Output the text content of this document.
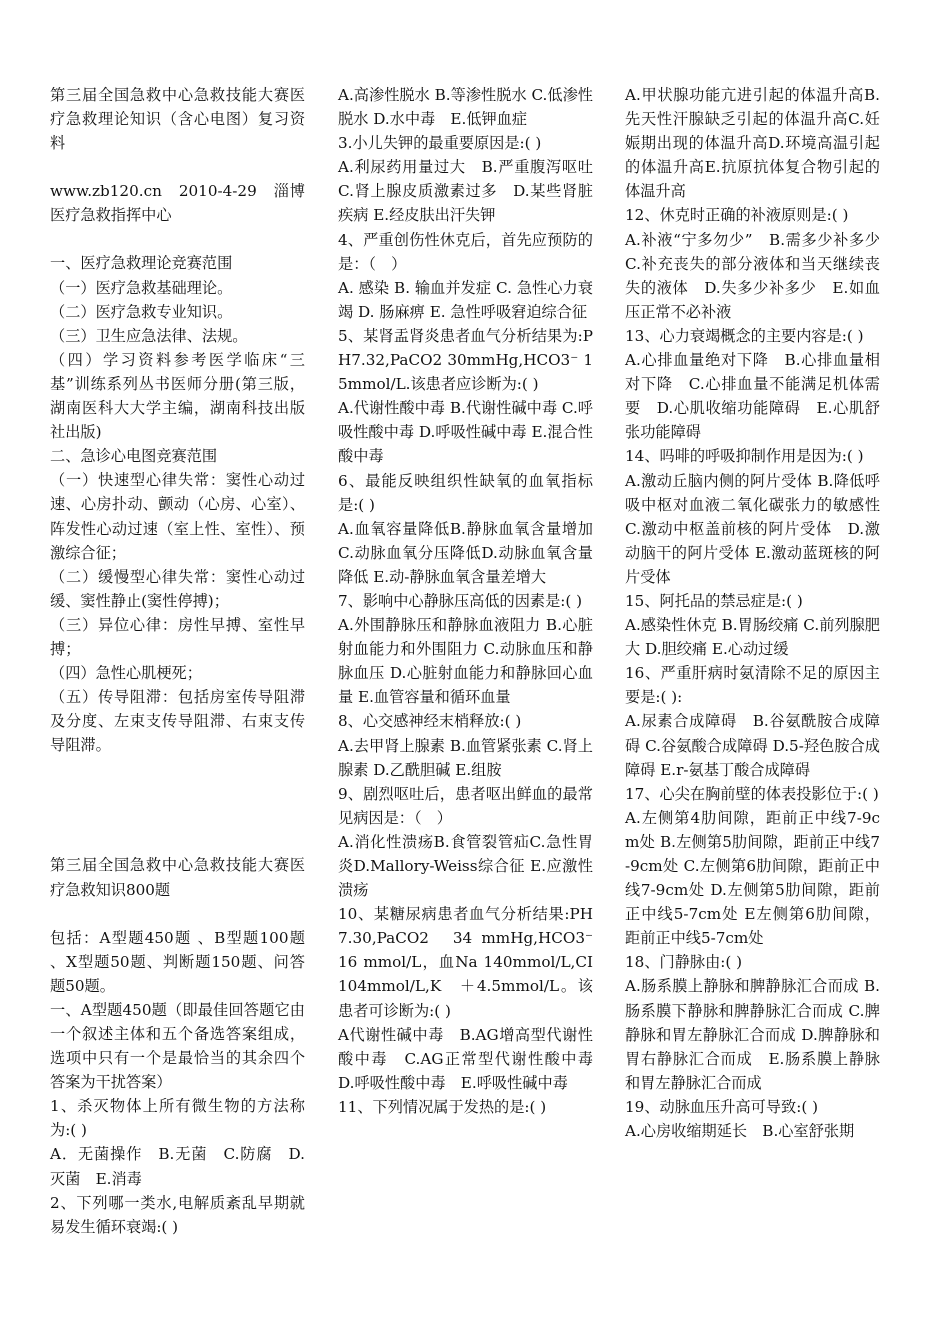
第三届全国急救中心急救技能大赛医疗急救理论知识（含心电图）复习资料

www.zb120.cn　2010-4-29　淄博医疗急救指挥中心

一、医疗急救理论竞赛范围

（一）医疗急救基础理论。

（二）医疗急救专业知识。

（三）卫生应急法律、法规。

（四）学习资料参考医学临床“三基”训练系列丛书医师分册(第三版，湖南医科大大学主编，湖南科技出版社出版)

二、急诊心电图竞赛范围

（一）快速型心律失常：窦性心动过速、心房扑动、颤动（心房、心室）、阵发性心动过速（室上性、室性）、预激综合征；

（二）缓慢型心律失常：窦性心动过缓、窦性静止(窦性停搏)；

（三）异位心律：房性早搏、室性早搏；

（四）急性心肌梗死；

（五）传导阻滞：包括房室传导阻滞及分度、左束支传导阻滞、右束支传导阻滞。

第三届全国急救中心急救技能大赛医疗急救知识800题

包括：A型题450题 、B型题100题 、X型题50题、判断题150题、问答题50题。

一、A型题450题（即最佳回答题它由一个叙述主体和五个备选答案组成，选项中只有一个是最恰当的其余四个答案为干扰答案）

1、杀灭物体上所有微生物的方法称为:( )

A．无菌操作　B.无菌　C.防腐　D.灭菌　E.消毒

2、下列哪一类水,电解质紊乱早期就易发生循环衰竭:( )

A.高渗性脱水 B.等渗性脱水 C.低渗性脱水 D.水中毒　E.低钾血症

3.小儿失钾的最重要原因是:( )

A.利尿药用量过大　B.严重腹泻呕吐　C.肾上腺皮质激素过多　D.某些肾脏疾病 E.经皮肤出汗失钾

4、严重创伤性休克后，首先应预防的是：（　）

A. 感染 B. 输血并发症 C. 急性心力衰竭 D. 肠麻痹 E. 急性呼吸窘迫综合征

5、某肾盂肾炎患者血气分析结果为:PH7.32,PaCO2 30mmHg,HCO3⁻ 15mmol/L.该患者应诊断为:( )

A.代谢性酸中毒 B.代谢性碱中毒 C.呼吸性酸中毒 D.呼吸性碱中毒 E.混合性酸中毒

6、最能反映组织性缺氧的血氧指标是:( )

A.血氧容量降低B.静脉血氧含量增加C.动脉血氧分压降低D.动脉血氧含量降低 E.动-静脉血氧含量差增大

7、影响中心静脉压高低的因素是:( )

A.外围静脉压和静脉血液阻力 B.心脏射血能力和外围阻力 C.动脉血压和静脉血压 D.心脏射血能力和静脉回心血量 E.血管容量和循环血量

8、心交感神经末梢释放:( )

A.去甲肾上腺素 B.血管紧张素 C.肾上腺素 D.乙酰胆碱 E.组胺

9、剧烈呕吐后，患者呕出鲜血的最常见病因是：（　）

A.消化性溃疡B.食管裂管疝C.急性胃炎D.Mallory-Weiss综合征 E.应激性溃疡

10、某糖尿病患者血气分析结果:PH　7.30,PaCO2　34 mmHg,HCO3⁻ 16 mmol/L，血Na 140mmol/L,CI　104mmol/L,K　＋4.5mmol/L。该患者可诊断为:( )

A代谢性碱中毒　B.AG增高型代谢性酸中毒　C.AG正常型代谢性酸中毒 D.呼吸性酸中毒　E.呼吸性碱中毒

11、下列情况属于发热的是:( )

A.甲状腺功能亢进引起的体温升高B.先天性汗腺缺乏引起的体温升高C.妊娠期出现的体温升高D.环境高温引起的体温升高E.抗原抗体复合物引起的体温升高

12、休克时正确的补液原则是:( )

A.补液“宁多勿少”　B.需多少补多少 C.补充丧失的部分液体和当天继续丧失的液体　D.失多少补多少　E.如血压正常不必补液

13、心力衰竭概念的主要内容是:( )

A.心排血量绝对下降　B.心排血量相对下降　C.心排血量不能满足机体需要　D.心肌收缩功能障碍　E.心肌舒张功能障碍

14、吗啡的呼吸抑制作用是因为:( )

A.激动丘脑内侧的阿片受体 B.降低呼吸中枢对血液二氧化碳张力的敏感性 C.激动中枢盖前核的阿片受体　D.激动脑干的阿片受体 E.激动蓝斑核的阿片受体

15、阿托品的禁忌症是:( )

A.感染性休克 B.胃肠绞痛 C.前列腺肥大 D.胆绞痛 E.心动过缓

16、严重肝病时氨清除不足的原因主要是:( ):

A.尿素合成障碍　B.谷氨酰胺合成障碍 C.谷氨酸合成障碍 D.5-羟色胺合成障碍 E.r-氨基丁酸合成障碍

17、心尖在胸前壁的体表投影位于:( )

A.左侧第4肋间隙，距前正中线7-9cm处 B.左侧第5肋间隙，距前正中线7-9cm处 C.左侧第6肋间隙，距前正中线7-9cm处 D.左侧第5肋间隙，距前正中线5-7cm处 E左侧第6肋间隙，距前正中线5-7cm处

18、门静脉由:( )

A.肠系膜上静脉和脾静脉汇合而成 B.肠系膜下静脉和脾静脉汇合而成 C.脾静脉和胃左静脉汇合而成 D.脾静脉和胃右静脉汇合而成　E.肠系膜上静脉和胃左静脉汇合而成

19、动脉血压升高可导致:( )

A.心房收缩期延长　B.心室舒张期
